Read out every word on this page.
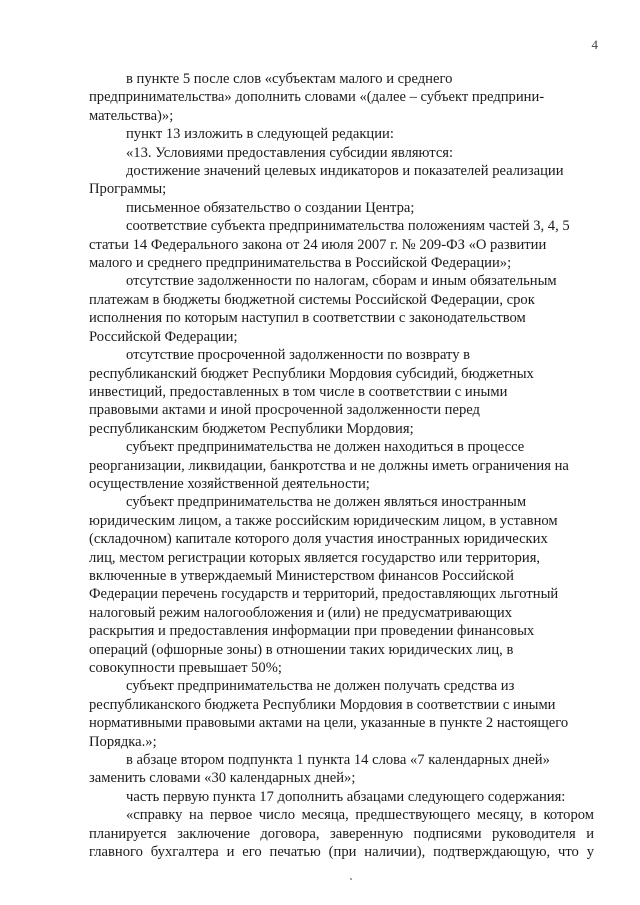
4

в пункте 5 после слов «субъектам малого и среднего
предпринимательства» дополнить словами «(далее – субъект предприни-
мательства)»;

пункт 13 изложить в следующей редакции:

«13. Условиями предоставления субсидии являются:

достижение значений целевых индикаторов и показателей реализации
Программы;

письменное обязательство о создании Центра;

соответствие субъекта предпринимательства положениям частей 3, 4, 5
статьи 14 Федерального закона от 24 июля 2007 г. № 209-ФЗ «О развитии
малого и среднего предпринимательства в Российской Федерации»;

отсутствие задолженности по налогам, сборам и иным обязательным
платежам в бюджеты бюджетной системы Российской Федерации, срок
исполнения по которым наступил в соответствии с законодательством
Российской Федерации;

отсутствие просроченной задолженности по возврату в
республиканский бюджет Республики Мордовия субсидий, бюджетных
инвестиций, предоставленных в том числе в соответствии с иными
правовыми актами и иной просроченной задолженности перед
республиканским бюджетом Республики Мордовия;

субъект предпринимательства не должен находиться в процессе
реорганизации, ликвидации, банкротства и не должны иметь ограничения на
осуществление хозяйственной деятельности;

субъект предпринимательства не должен являться иностранным
юридическим лицом, а также российским юридическим лицом, в уставном
(складочном) капитале которого доля участия иностранных юридических
лиц, местом регистрации которых является государство или территория,
включенные в утверждаемый Министерством финансов Российской
Федерации перечень государств и территорий, предоставляющих льготный
налоговый режим налогообложения и (или) не предусматривающих
раскрытия и предоставления информации при проведении финансовых
операций (офшорные зоны) в отношении таких юридических лиц, в
совокупности превышает 50%;

субъект предпринимательства не должен получать средства из
республиканского бюджета Республики Мордовия в соответствии с иными
нормативными правовыми актами на цели, указанные в пункте 2 настоящего
Порядка.»;

в абзаце втором подпункта 1 пункта 14 слова «7 календарных дней»
заменить словами «30 календарных дней»;

часть первую пункта 17 дополнить абзацами следующего содержания:

«справку на первое число месяца, предшествующего месяцу, в котором
планируется заключение договора, заверенную подписями руководителя и
главного бухгалтера и его печатью (при наличии), подтверждающую, что у
